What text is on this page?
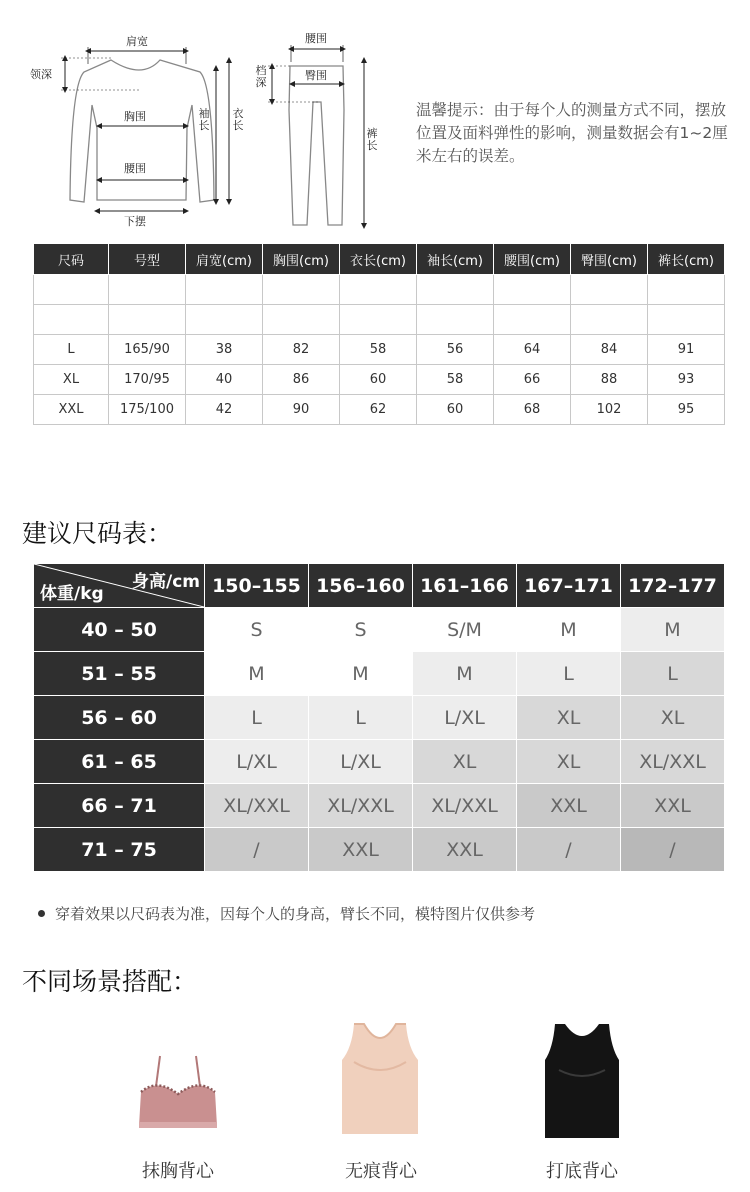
肩宽
领深
胸围
腰围
下摆
袖长
衣长
腰围
臀围
档深
裤长
温馨提示：由于每个人的测量方式不同，摆放位置及面料弹性的影响，测量数据会有1~2厘米左右的误差。
尺码	号型	肩宽(cm)	胸围(cm)	衣长(cm)	袖长(cm)	腰围(cm)	臀围(cm)	裤长(cm)

L	165/90	38	82	58	56	64	84	91
XL	170/95	40	86	60	58	66	88	93
XXL	175/100	42	90	62	60	68	102	95
建议尺码表：
身高/cm
体重/kg	150–155 156–160 161–166 167–171 172–177
40 – 50	S	S	S/M	M	M
51 – 55	M	M	M	L	L
56 – 60	L	L	L/XL	XL	XL
61 – 65	L/XL	L/XL	XL	XL	XL/XXL
66 – 71	XL/XXL	XL/XXL	XL/XXL	XXL	XXL
71 – 75	/	XXL	XXL	/	/
穿着效果以尺码表为准，因每个人的身高，臂长不同，模特图片仅供参考
不同场景搭配：
抹胸背心	无痕背心	打底背心
